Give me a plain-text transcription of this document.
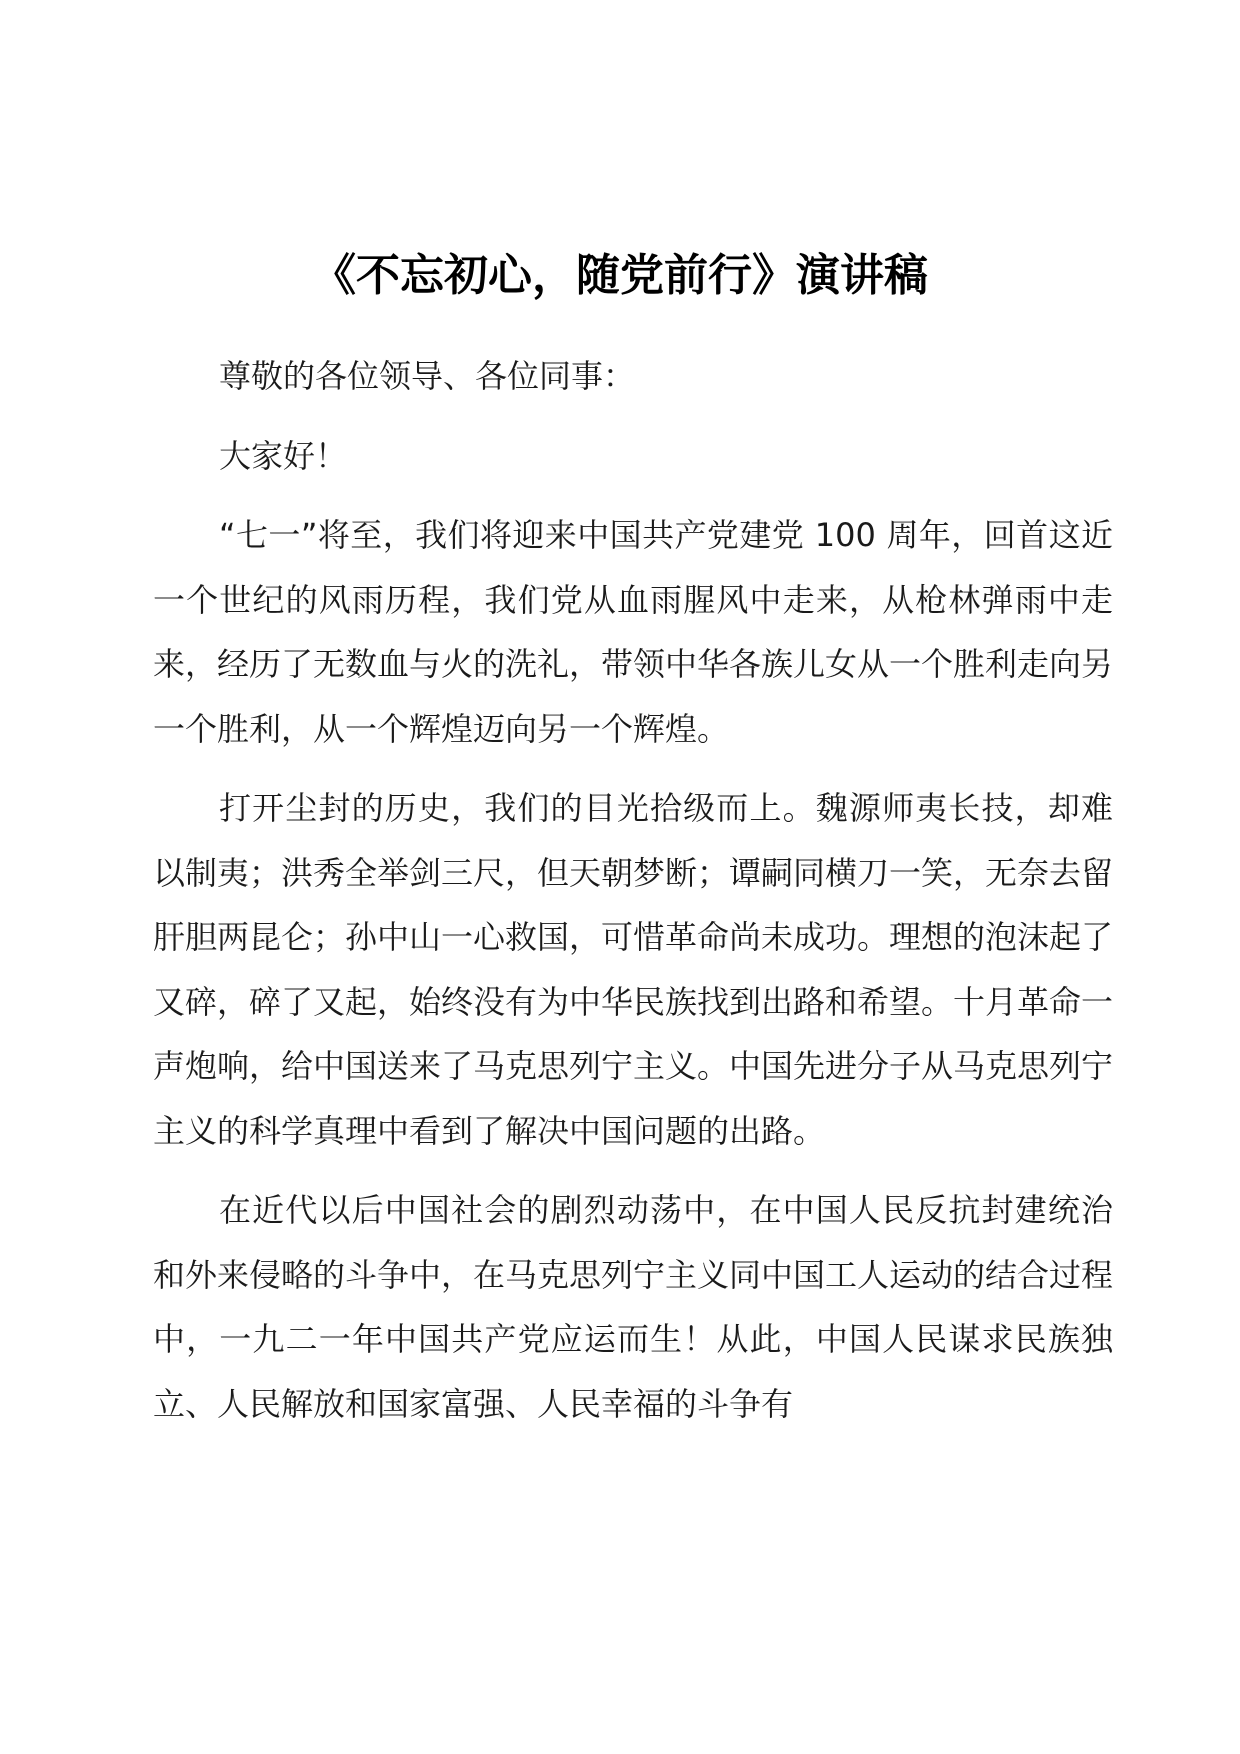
《不忘初心，随党前行》演讲稿

尊敬的各位领导、各位同事：

大家好！

“七一”将至，我们将迎来中国共产党建党 100 周年，回首这近一个世纪的风雨历程，我们党从血雨腥风中走来，从枪林弹雨中走来，经历了无数血与火的洗礼，带领中华各族儿女从一个胜利走向另一个胜利，从一个辉煌迈向另一个辉煌。

打开尘封的历史，我们的目光拾级而上。魏源师夷长技，却难以制夷；洪秀全举剑三尺，但天朝梦断；谭嗣同横刀一笑，无奈去留肝胆两昆仑；孙中山一心救国，可惜革命尚未成功。理想的泡沫起了又碎，碎了又起，始终没有为中华民族找到出路和希望。十月革命一声炮响，给中国送来了马克思列宁主义。中国先进分子从马克思列宁主义的科学真理中看到了解决中国问题的出路。

在近代以后中国社会的剧烈动荡中，在中国人民反抗封建统治和外来侵略的斗争中，在马克思列宁主义同中国工人运动的结合过程中，一九二一年中国共产党应运而生！从此，中国人民谋求民族独立、人民解放和国家富强、人民幸福的斗争有
